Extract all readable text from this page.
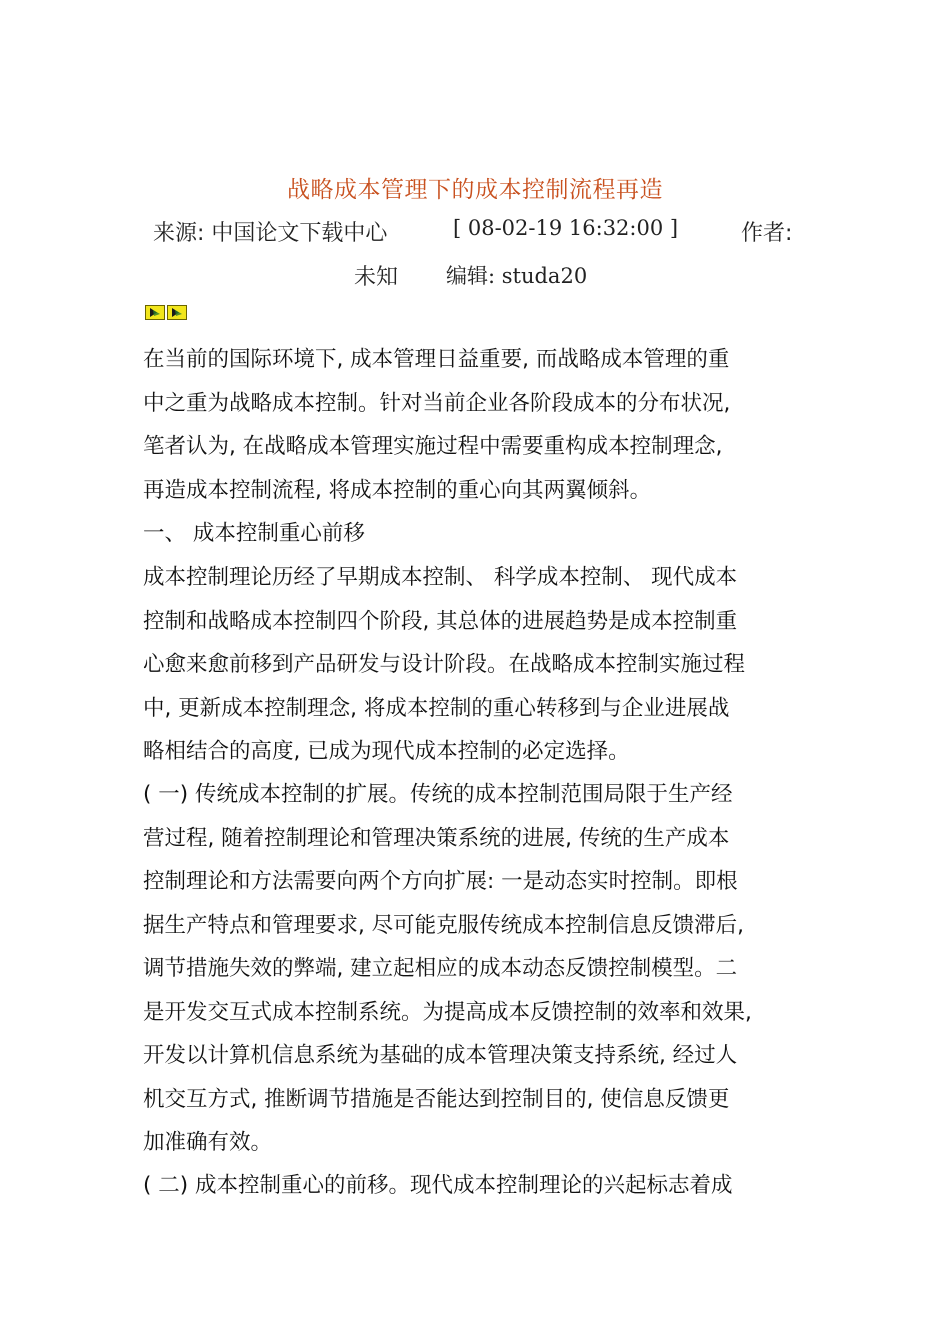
战略成本管理下的成本控制流程再造
来源: 中国论文下载中心	[ 08-02-19 16:32:00 ]	作者:
未知 编辑: studa20
在当前的国际环境下, 成本管理日益重要, 而战略成本管理的重
中之重为战略成本控制。针对当前企业各阶段成本的分布状况,
笔者认为, 在战略成本管理实施过程中需要重构成本控制理念,
再造成本控制流程, 将成本控制的重心向其两翼倾斜。
一、 成本控制重心前移
成本控制理论历经了早期成本控制、 科学成本控制、 现代成本
控制和战略成本控制四个阶段, 其总体的进展趋势是成本控制重
心愈来愈前移到产品研发与设计阶段。在战略成本控制实施过程
中, 更新成本控制理念, 将成本控制的重心转移到与企业进展战
略相结合的高度, 已成为现代成本控制的必定选择。
( 一) 传统成本控制的扩展。传统的成本控制范围局限于生产经
营过程, 随着控制理论和管理决策系统的进展, 传统的生产成本
控制理论和方法需要向两个方向扩展: 一是动态实时控制。即根
据生产特点和管理要求, 尽可能克服传统成本控制信息反馈滞后,
调节措施失效的弊端, 建立起相应的成本动态反馈控制模型。二
是开发交互式成本控制系统。为提高成本反馈控制的效率和效果,
开发以计算机信息系统为基础的成本管理决策支持系统, 经过人
机交互方式, 推断调节措施是否能达到控制目的, 使信息反馈更
加准确有效。
( 二) 成本控制重心的前移。现代成本控制理论的兴起标志着成
